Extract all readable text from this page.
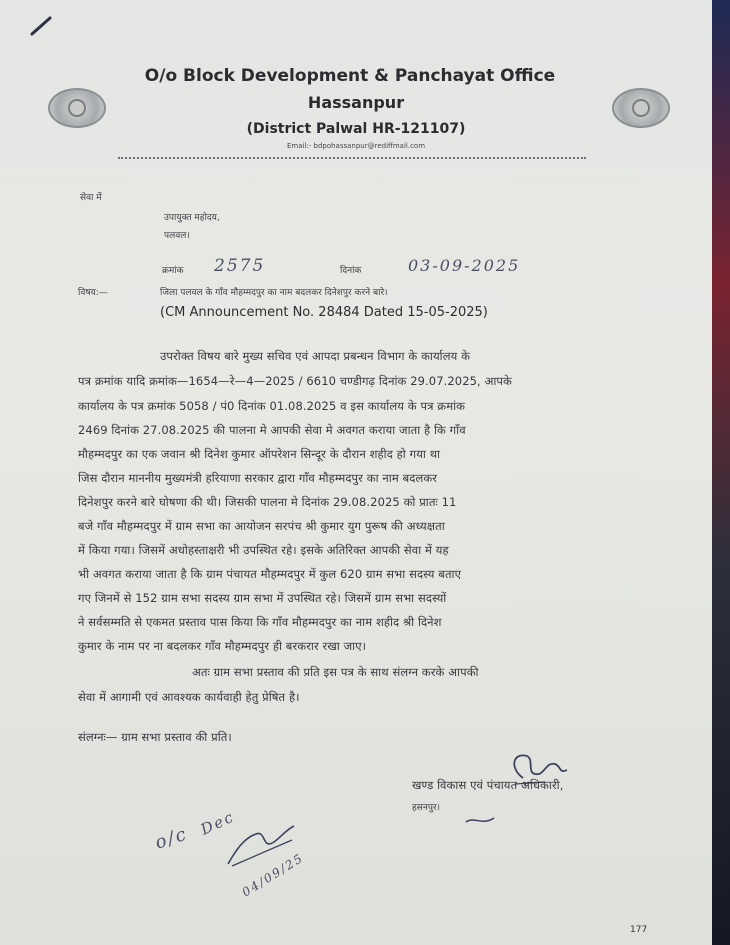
O/o Block Development & Panchayat Office
Hassanpur
(District Palwal HR-121107)
Email:- bdpohassanpur@rediffmail.com
सेवा में
उपायुक्त महोदय,
पलवल।
क्रमांक 2575	दिनांक	03-09-2025
विषय:—	जिला पलवल के गाँव मौहम्मदपुर का नाम बदलकर दिनेशपुर करने बारे।
(CM Announcement No. 28484 Dated 15-05-2025)
उपरोक्त विषय बारे मुख्य सचिव एवं आपदा प्रबन्धन विभाग के कार्यालय के
पत्र क्रमांक यादि क्रमांक—1654—रे—4—2025 / 6610 चण्डीगढ़ दिनांक 29.07.2025, आपके
कार्यालय के पत्र क्रमांक 5058 / पं0 दिनांक 01.08.2025 व इस कार्यालय के पत्र क्रमांक
2469 दिनांक 27.08.2025 की पालना मे आपकी सेवा मे अवगत कराया जाता है कि गाँव
मौहम्मदपुर का एक जवान श्री दिनेश कुमार ऑपरेशन सिन्दूर के दौरान शहीद हो गया था
जिस दौरान माननीय मुख्यमंत्री हरियाणा सरकार द्वारा गाँव मौहम्मदपुर का नाम बदलकर
दिनेशपुर करने बारे घोषणा की थी। जिसकी पालना मे दिनांक 29.08.2025 को प्रातः 11
बजे गाँव मौहम्मदपुर में ग्राम सभा का आयोजन सरपंच श्री कुमार युग पुरूष की अध्यक्षता
में किया गया। जिसमें अधोहस्ताक्षरी भी उपस्थित रहे। इसके अतिरिक्त आपकी सेवा में यह
भी अवगत कराया जाता है कि ग्राम पंचायत मौहम्मदपुर में कुल 620 ग्राम सभा सदस्य बताए
गए जिनमें से 152 ग्राम सभा सदस्य ग्राम सभा में उपस्थित रहे। जिसमें ग्राम सभा सदस्यों
ने सर्वसम्मति से एकमत प्रस्ताव पास किया कि गाँव मौहम्मदपुर का नाम शहीद श्री दिनेश
कुमार के नाम पर ना बदलकर गाँव मौहम्मदपुर ही बरकरार रखा जाए।
अतः ग्राम सभा प्रस्ताव की प्रति इस पत्र के साथ संलग्न करके आपकी
सेवा में आगामी एवं आवश्यक कार्यवाही हेतु प्रेषित है।
संलग्नः— ग्राम सभा प्रस्ताव की प्रति।
खण्ड विकास एवं पंचायत अधिकारी,
हसनपुर।
o/c Dec
04/09/25
177
